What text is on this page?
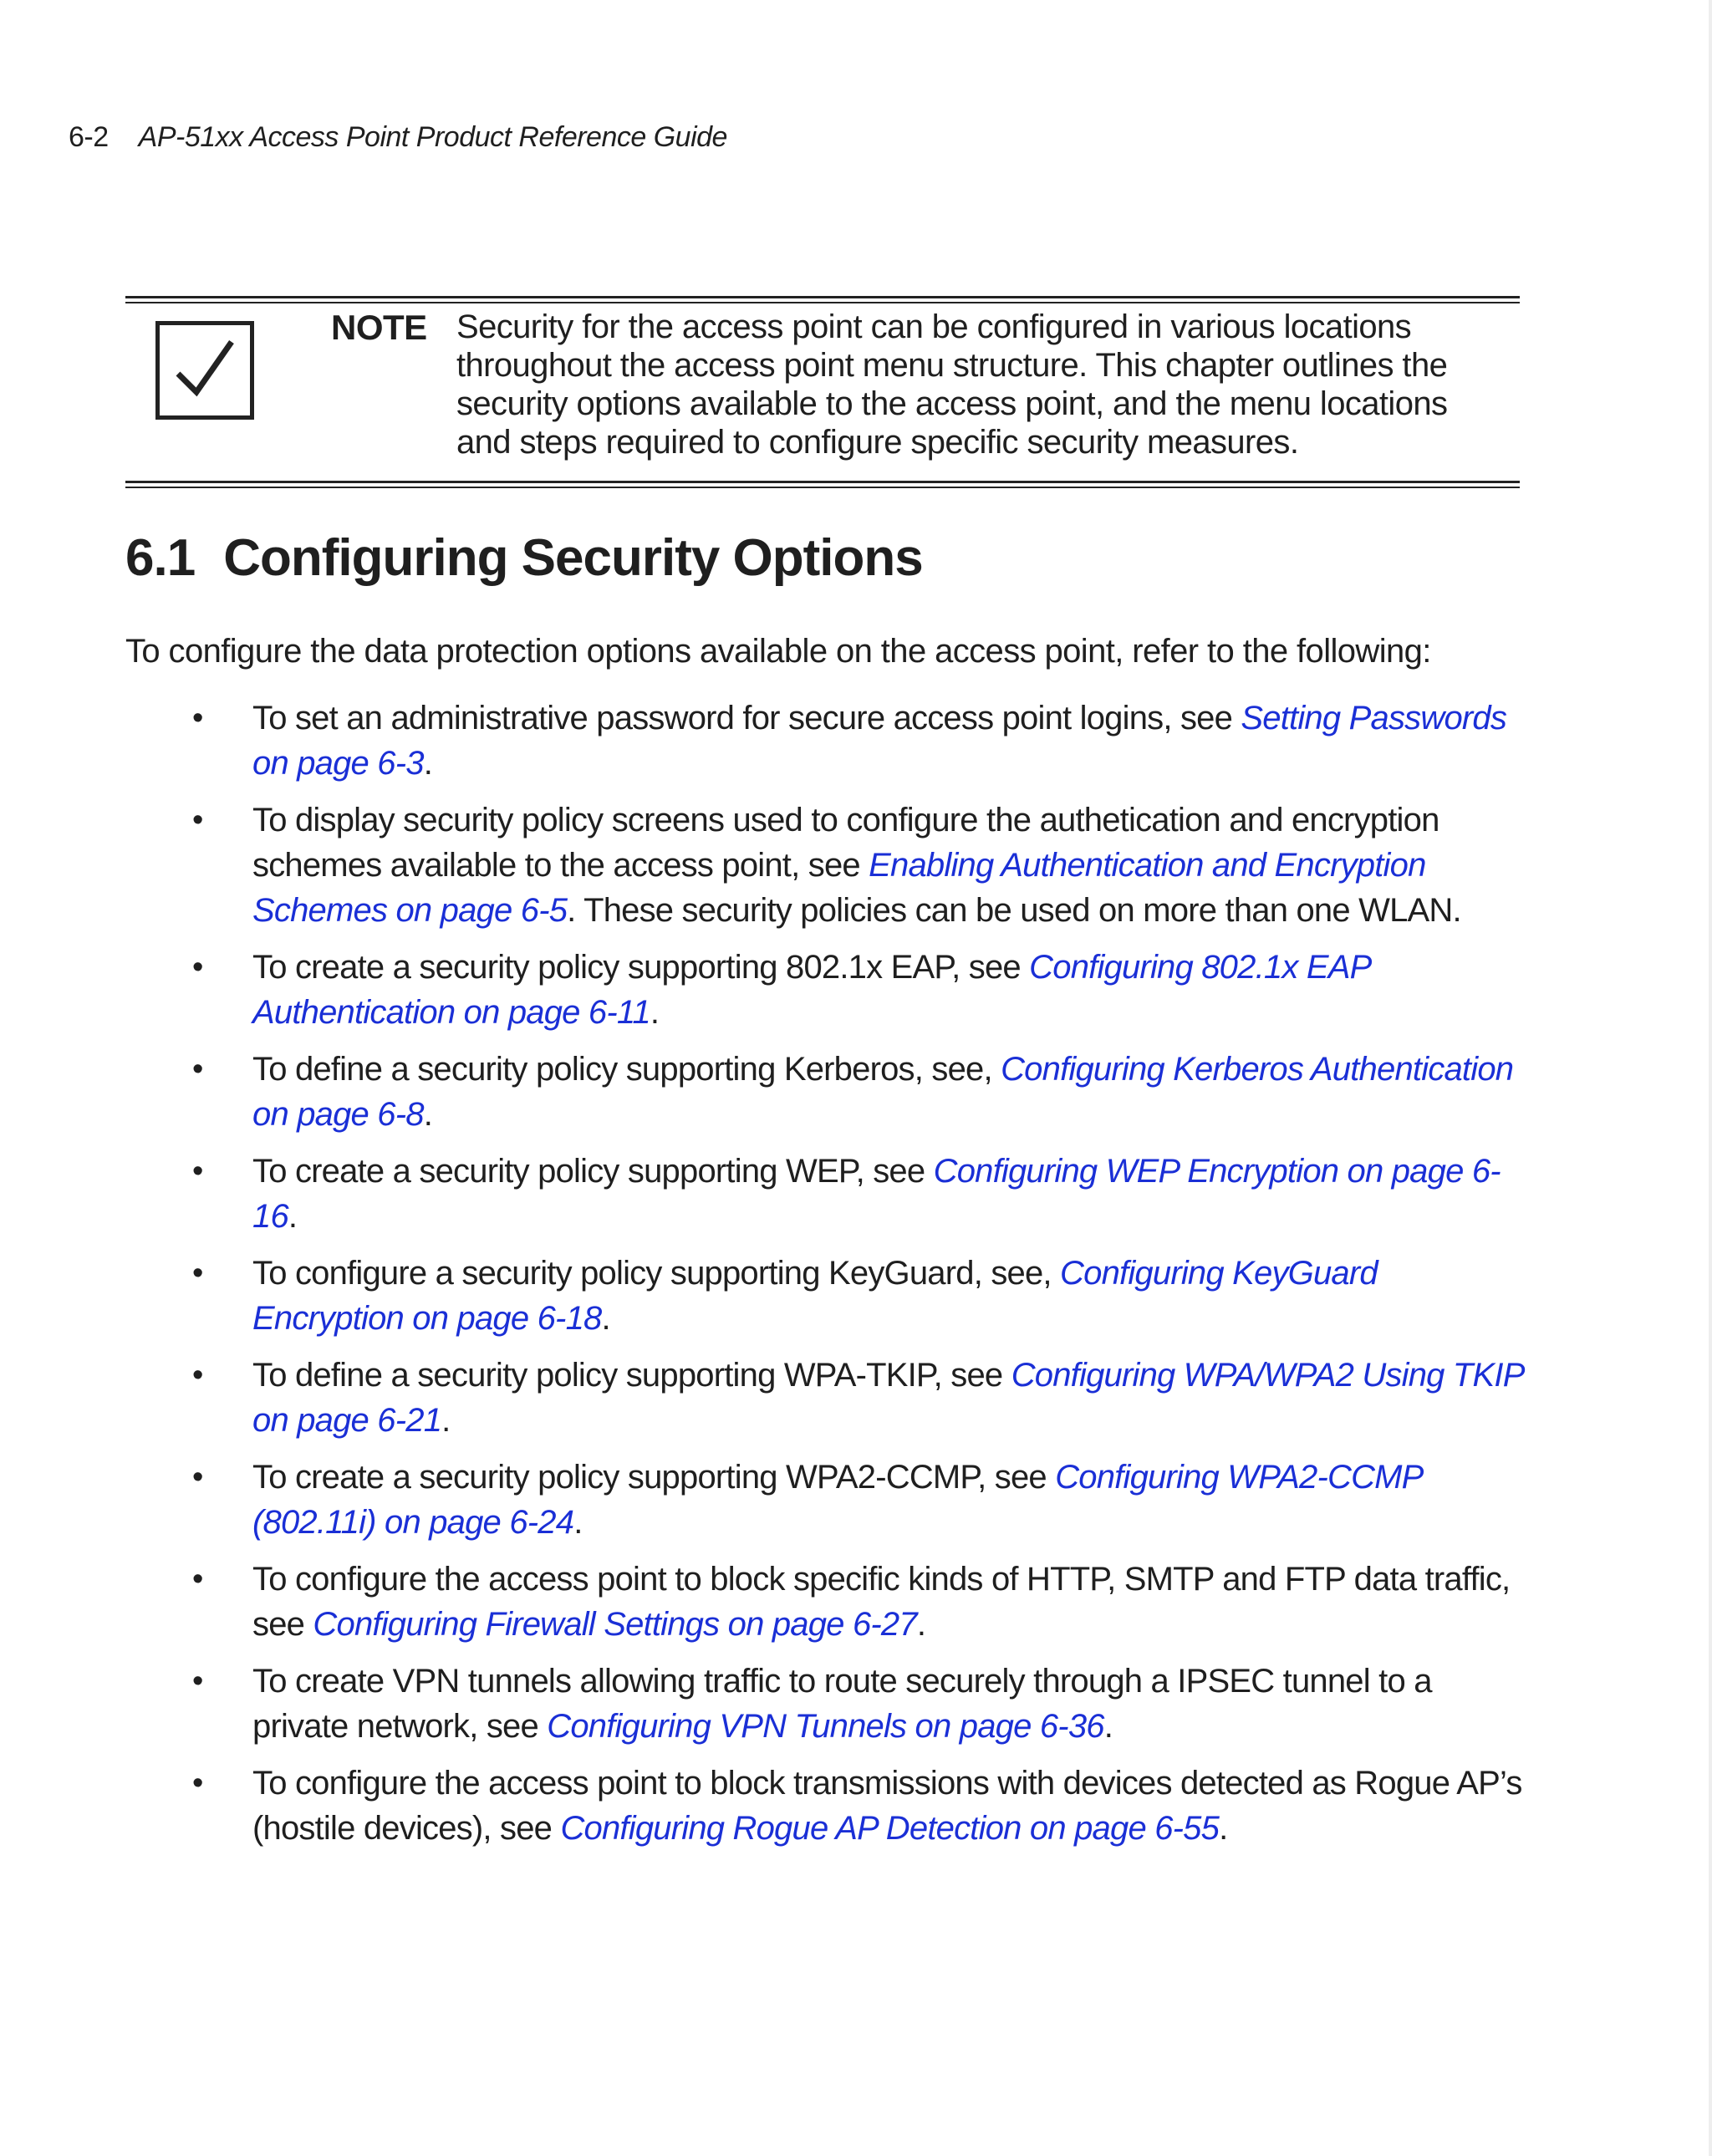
6-2 AP-51xx Access Point Product Reference Guide
NOTE Security for the access point can be configured in various locations throughout the access point menu structure. This chapter outlines the security options available to the access point, and the menu locations and steps required to configure specific security measures.
6.1 Configuring Security Options
To configure the data protection options available on the access point, refer to the following:
• To set an administrative password for secure access point logins, see Setting Passwords on page 6-3.
• To display security policy screens used to configure the authetication and encryption schemes available to the access point, see Enabling Authentication and Encryption Schemes on page 6-5. These security policies can be used on more than one WLAN.
• To create a security policy supporting 802.1x EAP, see Configuring 802.1x EAP Authentication on page 6-11.
• To define a security policy supporting Kerberos, see, Configuring Kerberos Authentication on page 6-8.
• To create a security policy supporting WEP, see Configuring WEP Encryption on page 6-16.
• To configure a security policy supporting KeyGuard, see, Configuring KeyGuard Encryption on page 6-18.
• To define a security policy supporting WPA-TKIP, see Configuring WPA/WPA2 Using TKIP on page 6-21.
• To create a security policy supporting WPA2-CCMP, see Configuring WPA2-CCMP (802.11i) on page 6-24.
• To configure the access point to block specific kinds of HTTP, SMTP and FTP data traffic, see Configuring Firewall Settings on page 6-27.
• To create VPN tunnels allowing traffic to route securely through a IPSEC tunnel to a private network, see Configuring VPN Tunnels on page 6-36.
• To configure the access point to block transmissions with devices detected as Rogue AP’s (hostile devices), see Configuring Rogue AP Detection on page 6-55.
